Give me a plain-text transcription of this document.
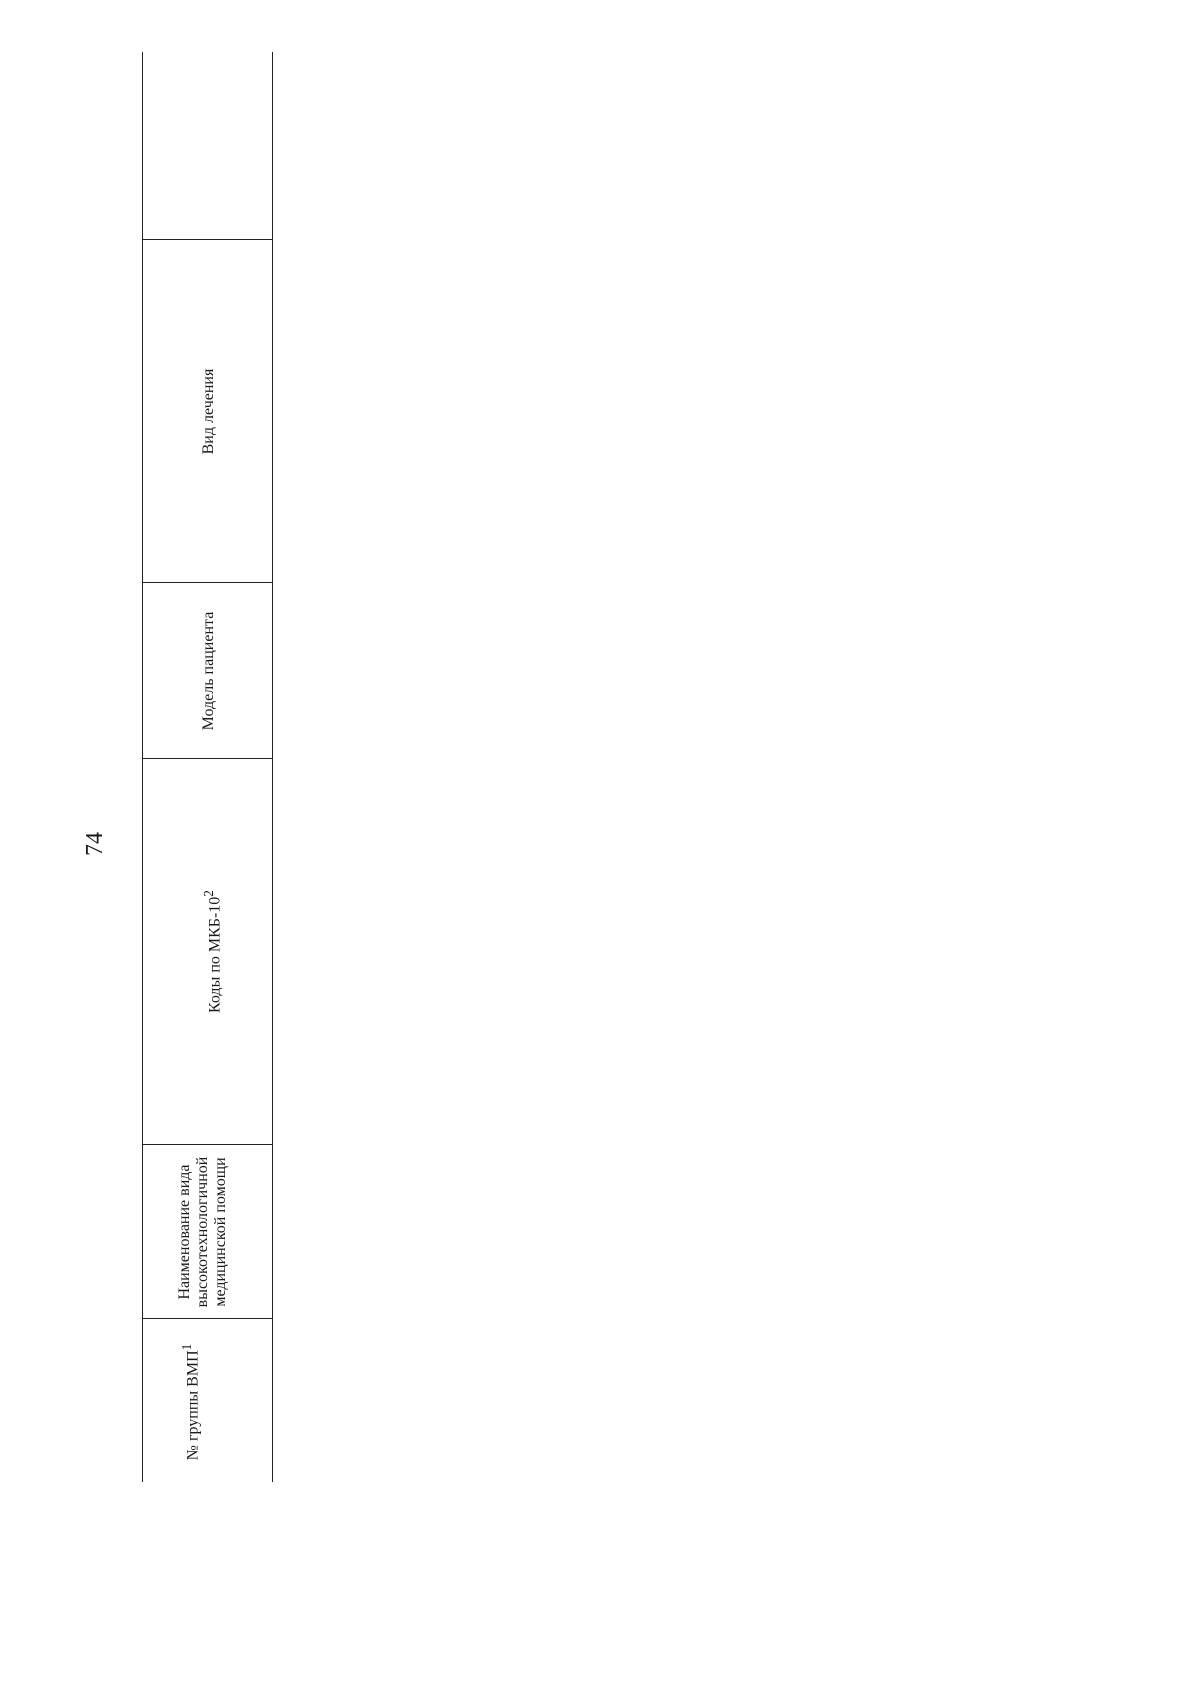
74
№ группы ВМП$^1$
Наименование вида высокотехнологичной медицинской помощи
Коды по МКБ-$10^2$
Модель пациента
Вид лечения
